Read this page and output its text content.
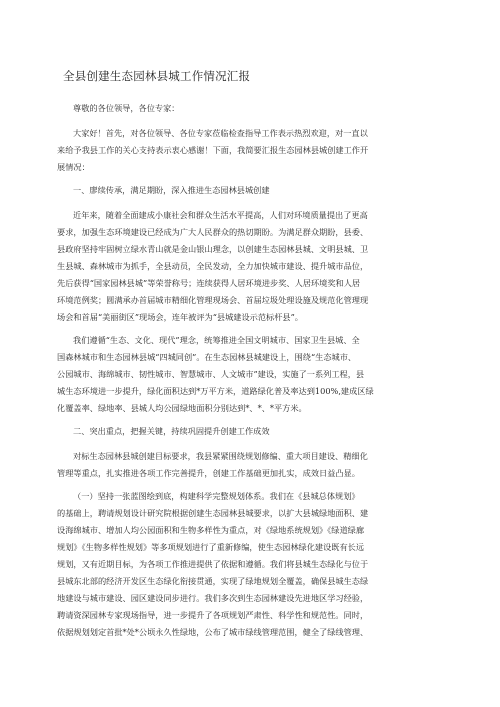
全县创建生态园林县城工作情况汇报

尊敬的各位领导，各位专家：

大家好！首先，对各位领导、各位专家莅临检查指导工作表示热烈欢迎，对一直以
来给予我县工作的关心支持表示衷心感谢！下面，我简要汇报生态园林县城创建工作开
展情况：

一、廖续传承，满足期盼，深入推进生态园林县城创建

近年来，随着全面建成小康社会和群众生活水平提高，人们对环境质量提出了更高
要求，加强生态环境建设已经成为广大人民群众的热切期盼。为满足群众期盼，县委、
县政府坚持牢固树立绿水青山就是金山银山理念，以创建生态园林县城、文明县城、卫
生县城、森林城市为抓手，全县动员，全民发动，全力加快城市建设、提升城市品位，
先后获得“国家园林县城”等荣誉称号；连续获得人居环境进步奖、人居环境奖和人居
环境范例奖；圆满承办首届城市精细化管理现场会、首届垃圾处理设施及规范化管理现
场会和首届“美丽街区”现场会，连年被评为“县城建设示范标杆县”。

我们遵循“生态、文化、现代”理念，统筹推进全国文明城市、国家卫生县城、全
国森林城市和生态园林县城“四城同创”。在生态园林县城建设上，围绕“生态城市、
公园城市、海绵城市、韧性城市、智慧城市、人文城市”建设，实施了一系列工程，县
城生态环境进一步提升，绿化面积达到*万平方米，道路绿化普及率达到100%,建成区绿
化覆盖率、绿地率、县城人均公园绿地面积分别达到*、*、*平方米。

二、突出重点，把握关键，持续巩固提升创建工作成效

对标生态园林县城创建目标要求，我县紧紧围绕规划修编、重大项目建设、精细化
管理等重点，扎实推进各项工作完善提升，创建工作基础更加扎实，成效日益凸显。

（一）坚持一张蓝图绘到底，构建科学完整规划体系。我们在《县城总体规划》
的基础上，聘请规划设计研究院根据创建生态园林县城要求，以扩大县城绿地面积、建
设海绵城市、增加人均公园面积和生物多样性为重点，对《绿地系统规划》《绿道绿廊
规划》《生物多样性规划》等多项规划进行了重新修编，使生态园林绿化建设既有长远
规划，又有近期目标，为各项工作推进提供了依据和遵循。我们将县城生态绿化与位于
县城东北部的经济开发区生态绿化衔接贯通，实现了绿地规划全覆盖，确保县城生态绿
地建设与城市建设、园区建设同步进行。我们多次到生态园林建设先进地区学习经验，
聘请资深园林专家现场指导，进一步提升了各项规划严肃性、科学性和规范性。同时，
依据规划划定首批*处*公顷永久性绿地，公布了城市绿线管理范围，健全了绿线管理、
